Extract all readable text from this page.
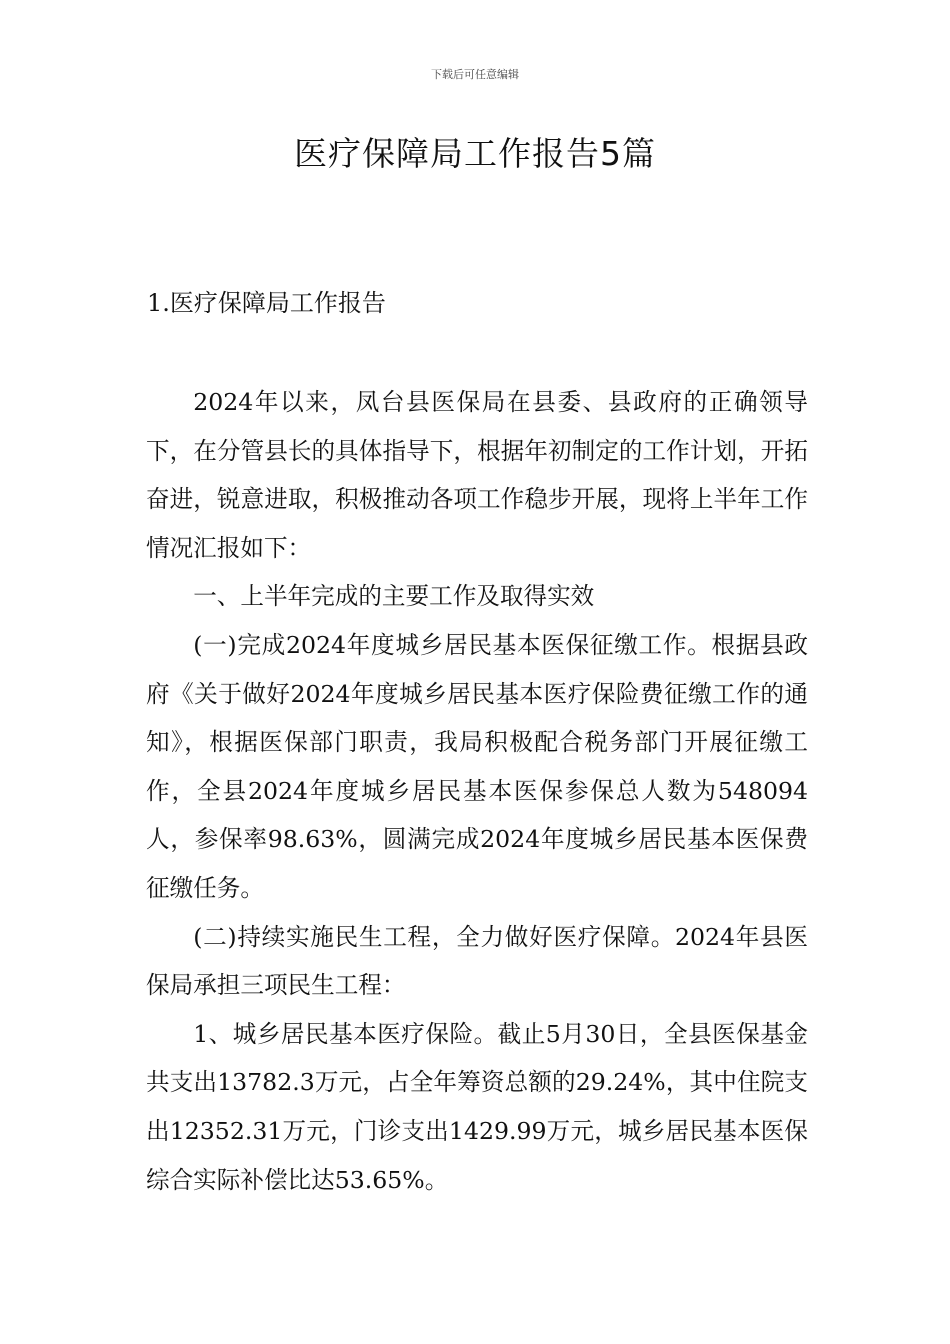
下载后可任意编辑
医疗保障局工作报告5篇
1.医疗保障局工作报告

2024年以来，凤台县医保局在县委、县政府的正确领导下，在分管县长的具体指导下，根据年初制定的工作计划，开拓奋进，锐意进取，积极推动各项工作稳步开展，现将上半年工作情况汇报如下：

一、上半年完成的主要工作及取得实效

(一)完成2024年度城乡居民基本医保征缴工作。根据县政府《关于做好2024年度城乡居民基本医疗保险费征缴工作的通知》，根据医保部门职责，我局积极配合税务部门开展征缴工作，全县2024年度城乡居民基本医保参保总人数为548094人，参保率98.63%，圆满完成2024年度城乡居民基本医保费征缴任务。

(二)持续实施民生工程，全力做好医疗保障。2024年县医保局承担三项民生工程：

1、城乡居民基本医疗保险。截止5月30日，全县医保基金共支出13782.3万元，占全年筹资总额的29.24%，其中住院支出12352.31万元，门诊支出1429.99万元，城乡居民基本医保综合实际补偿比达53.65%。
